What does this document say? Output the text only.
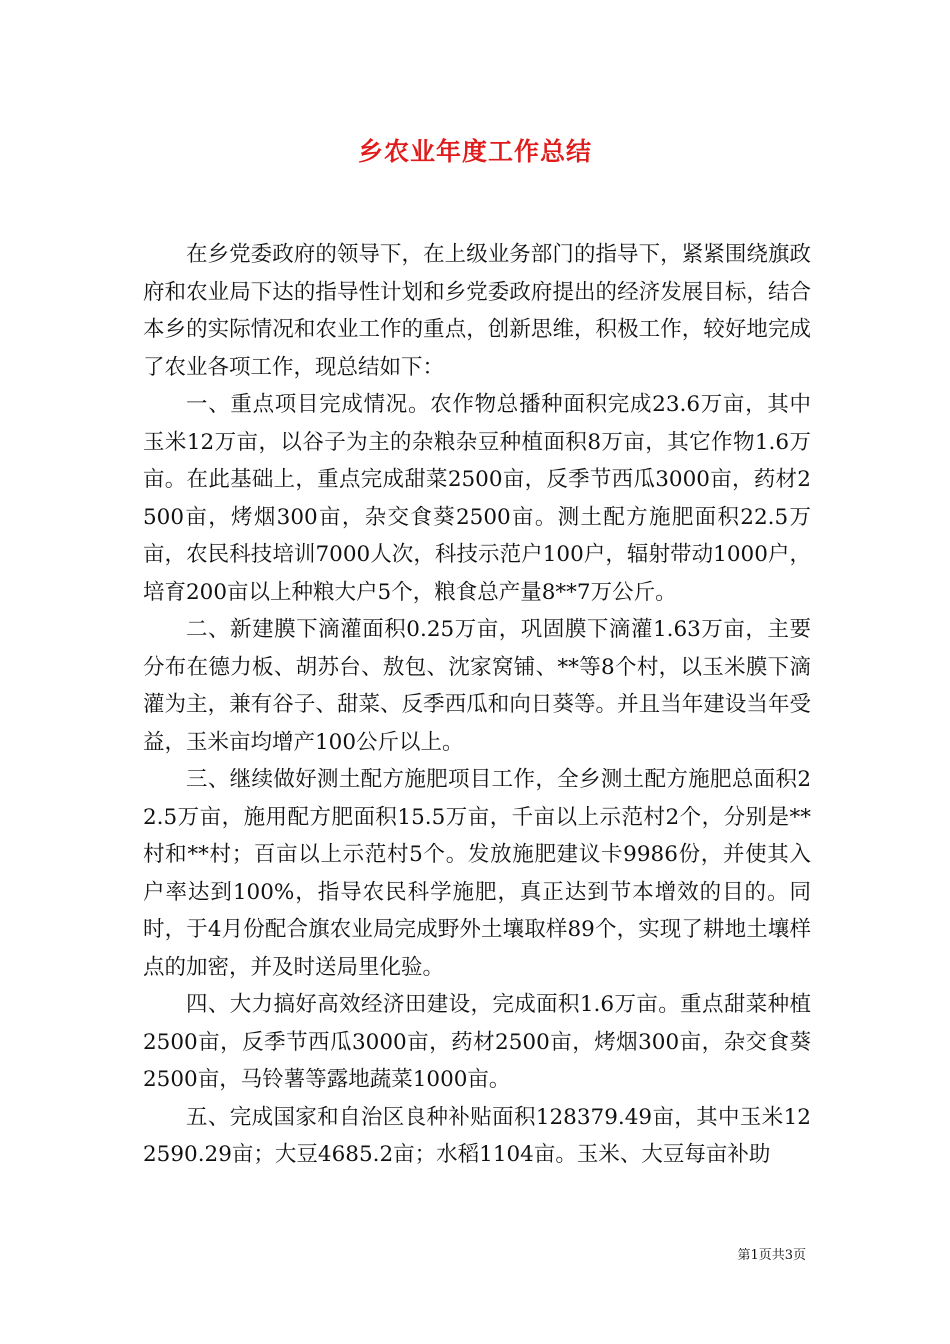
乡农业年度工作总结

在乡党委政府的领导下，在上级业务部门的指导下，紧紧围绕旗政府和农业局下达的指导性计划和乡党委政府提出的经济发展目标，结合本乡的实际情况和农业工作的重点，创新思维，积极工作，较好地完成了农业各项工作，现总结如下：

一、重点项目完成情况。农作物总播种面积完成23.6万亩，其中玉米12万亩，以谷子为主的杂粮杂豆种植面积8万亩，其它作物1.6万亩。在此基础上，重点完成甜菜2500亩，反季节西瓜3000亩，药材2500亩，烤烟300亩，杂交食葵2500亩。测土配方施肥面积22.5万亩，农民科技培训7000人次，科技示范户100户，辐射带动1000户，培育200亩以上种粮大户5个，粮食总产量8**7万公斤。

二、新建膜下滴灌面积0.25万亩，巩固膜下滴灌1.63万亩，主要分布在德力板、胡苏台、敖包、沈家窝铺、**等8个村，以玉米膜下滴灌为主，兼有谷子、甜菜、反季西瓜和向日葵等。并且当年建设当年受益，玉米亩均增产100公斤以上。

三、继续做好测土配方施肥项目工作，全乡测土配方施肥总面积22.5万亩，施用配方肥面积15.5万亩，千亩以上示范村2个，分别是**村和**村；百亩以上示范村5个。发放施肥建议卡9986份，并使其入户率达到100%，指导农民科学施肥，真正达到节本增效的目的。同时，于4月份配合旗农业局完成野外土壤取样89个，实现了耕地土壤样点的加密，并及时送局里化验。

四、大力搞好高效经济田建设，完成面积1.6万亩。重点甜菜种植2500亩，反季节西瓜3000亩，药材2500亩，烤烟300亩，杂交食葵2500亩，马铃薯等露地蔬菜1000亩。

五、完成国家和自治区良种补贴面积128379.49亩，其中玉米122590.29亩；大豆4685.2亩；水稻1104亩。玉米、大豆每亩补助

第1页共3页
